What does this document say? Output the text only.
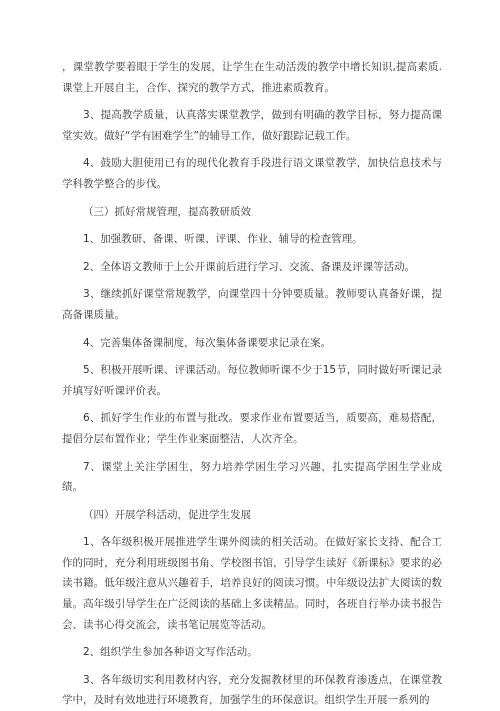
，课堂教学要着眼于学生的发展，让学生在生动活泼的教学中增长知识,提高素质.课堂上开展自主，合作、探究的教学方式，推进素质教育。

3、提高教学质量，认真落实课堂教学，做到有明确的教学目标，努力提高课堂实效。做好“学有困难学生”的辅导工作，做好跟踪记载工作。

4、鼓励大胆使用已有的现代化教育手段进行语文课堂教学，加快信息技术与学科教学整合的步伐。

（三）抓好常规管理，提高教研质效

1、加强教研、备课、听课、评课、作业、辅导的检查管理。

2、全体语文教师于上公开课前后进行学习、交流、备课及评课等活动。

3、继续抓好课堂常规教学，向课堂四十分钟要质量。教师要认真备好课，提高备课质量。

4、完善集体备课制度，每次集体备课要求记录在案。

5、积极开展听课、评课活动。每位教师听课不少于15节，同时做好听课记录并填写好听课评价表。

6、抓好学生作业的布置与批改。要求作业布置要适当，质要高，难易搭配，提倡分层布置作业；学生作业案面整洁，人次齐全。

7、课堂上关注学困生，努力培养学困生学习兴趣，扎实提高学困生学业成绩。

（四）开展学科活动，促进学生发展

1、各年级积极开展推进学生课外阅读的相关活动。在做好家长支持、配合工作的同时，充分利用班级图书角、学校图书馆，引导学生读好《新课标》要求的必读书籍。低年级注意从兴趣着手，培养良好的阅读习惯。中年级设法扩大阅读的数量。高年级引导学生在广泛阅读的基础上多读精品。同时，各班自行举办读书报告会、读书心得交流会，读书笔记展览等活动。

2、组织学生参加各种语文写作活动。

3、各年级切实利用教材内容，充分发掘教材里的环保教育渗透点，在课堂教学中，及时有效地进行环境教育，加强学生的环保意识。组织学生开展一系列的
